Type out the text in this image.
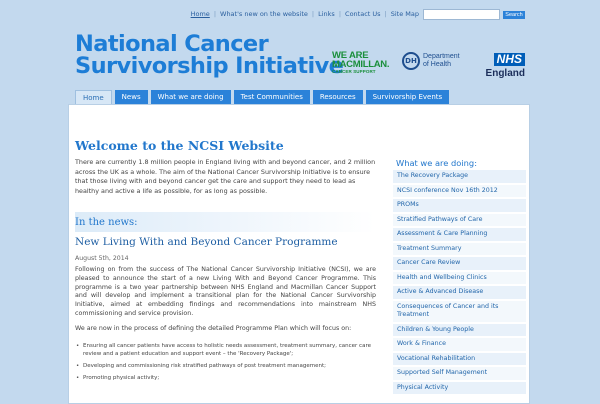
Home | What's new on the website | Links | Contact Us | Site Map	Search
National Cancer
Survivorship Initiative
WE ARE
MACMILLAN.
CANCER SUPPORT
DH
Department
of Health	NHS
England
Home	News	What we are doing	Test Communities	Resources	Survivorship Events
Welcome to the NCSI Website
There are currently 1.8 million people in England living with and beyond cancer, and 2 million across the UK as a whole. The aim of the National Cancer Survivorship Initiative is to ensure that those living with and beyond cancer get the care and support they need to lead as healthy and active a life as possible, for as long as possible.
In the news:
New Living With and Beyond Cancer Programme
August 5th, 2014
Following on from the success of The National Cancer Survivorship Initiative (NCSI), we are pleased to announce the start of a new Living With and Beyond Cancer Programme. This programme is a two year partnership between NHS England and Macmillan Cancer Support and will develop and implement a transitional plan for the National Cancer Survivorship Initiative, aimed at embedding findings and recommendations into mainstream NHS commissioning and service provision.
We are now in the process of defining the detailed Programme Plan which will focus on:
• Ensuring all cancer patients have access to holistic needs assessment, treatment summary, cancer care review and a patient education and support event – the 'Recovery Package';
• Developing and commissioning risk stratified pathways of post treatment management;
• Promoting physical activity;
What we are doing:
The Recovery Package
NCSI conference Nov 16th 2012
PROMs
Stratified Pathways of Care
Assessment & Care Planning
Treatment Summary
Cancer Care Review
Health and Wellbeing Clinics
Active & Advanced Disease
Consequences of Cancer and its Treatment
Children & Young People
Work & Finance
Vocational Rehabilitation
Supported Self Management
Physical Activity
